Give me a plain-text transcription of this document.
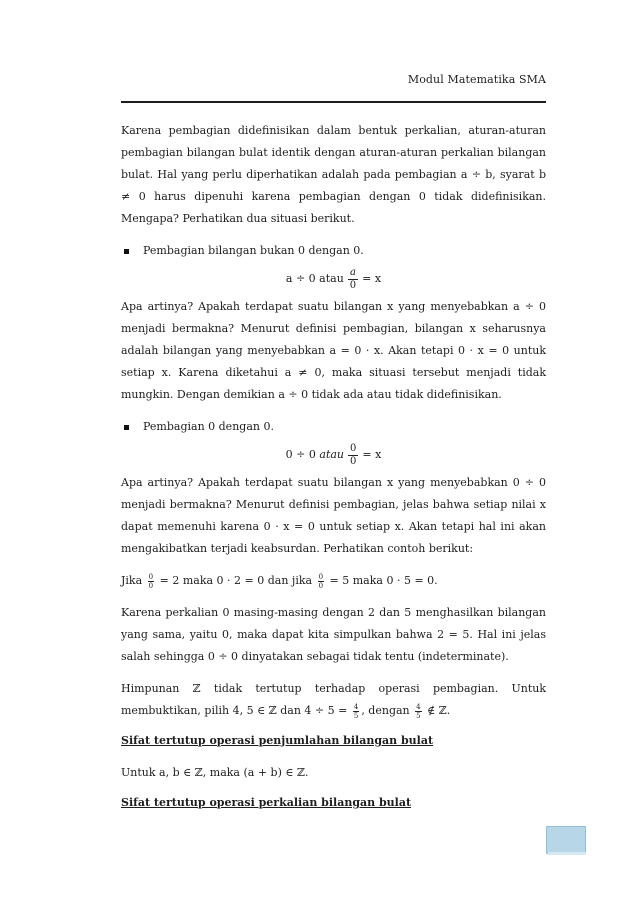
Modul Matematika SMA

Karena pembagian didefinisikan dalam bentuk perkalian, aturan-aturan pembagian bilangan bulat identik dengan aturan-aturan perkalian bilangan bulat. Hal yang perlu diperhatikan adalah pada pembagian a ÷ b, syarat b ≠ 0 harus dipenuhi karena pembagian dengan 0 tidak didefinisikan. Mengapa? Perhatikan dua situasi berikut.

Pembagian bilangan bukan 0 dengan 0.
a ÷ 0 atau $\frac{a}{0} = x$

Apa artinya? Apakah terdapat suatu bilangan x yang menyebabkan a ÷ 0 menjadi bermakna? Menurut definisi pembagian, bilangan x seharusnya adalah bilangan yang menyebabkan a = 0 · x. Akan tetapi 0 · x = 0 untuk setiap x. Karena diketahui a ≠ 0, maka situasi tersebut menjadi tidak mungkin. Dengan demikian a ÷ 0 tidak ada atau tidak didefinisikan.

Pembagian 0 dengan 0.
0 ÷ 0
atau $\frac{0}{0} = x$

Apa artinya? Apakah terdapat suatu bilangan x yang menyebabkan 0 ÷ 0 menjadi bermakna? Menurut definisi pembagian, jelas bahwa setiap nilai x dapat memenuhi karena 0 · x = 0 untuk setiap x. Akan tetapi hal ini akan mengakibatkan terjadi keabsurdan. Perhatikan contoh berikut:

Jika $\frac{0}{0} = 2$ maka 0 · 2 = 0 dan jika $\frac{0}{0} = 5$ maka 0 · 5 = 0.

Karena perkalian 0 masing-masing dengan 2 dan 5 menghasilkan bilangan yang sama, yaitu 0, maka dapat kita simpulkan bahwa 2 = 5. Hal ini jelas salah sehingga 0 ÷ 0 dinyatakan sebagai tidak tentu (indeterminate).

Himpunan ℤ tidak tertutup terhadap operasi pembagian. Untuk membuktikan, pilih 4, 5 ∈ ℤ dan $4 \div 5 = \frac{4}{5}$ , dengan $\frac{4}{5}$ ∉ ℤ.

Sifat tertutup operasi penjumlahan bilangan bulat

Untuk a, b ∈ ℤ, maka (a + b) ∈ ℤ.

Sifat tertutup operasi perkalian bilangan bulat
